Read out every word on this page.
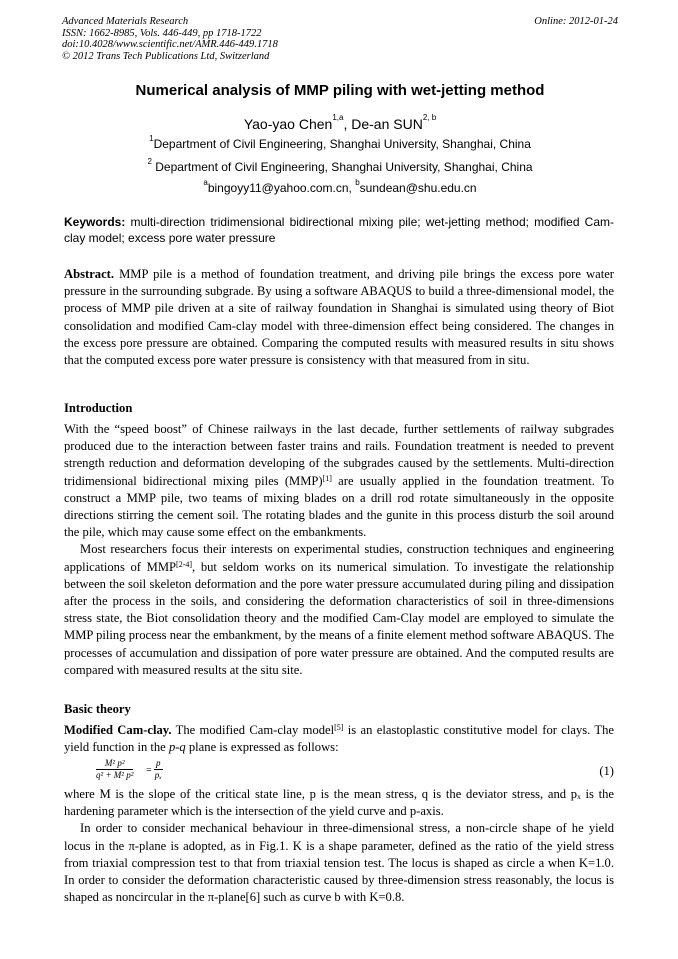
Advanced Materials Research
ISSN: 1662-8985, Vols. 446-449, pp 1718-1722
doi:10.4028/www.scientific.net/AMR.446-449.1718
© 2012 Trans Tech Publications Ltd, Switzerland
Online: 2012-01-24
Numerical analysis of MMP piling with wet-jetting method
Yao-yao Chen$^{1,a}$, De-an SUN$^{2, b}$
$^1$Department of Civil Engineering, Shanghai University, Shanghai, China
$^2$ Department of Civil Engineering, Shanghai University, Shanghai, China
$^a$bingoyy11@yahoo.com.cn, $^b$sundean@shu.edu.cn
Keywords: multi-direction tridimensional bidirectional mixing pile; wet-jetting method; modified Cam-clay model; excess pore water pressure
Abstract. MMP pile is a method of foundation treatment, and driving pile brings the excess pore water pressure in the surrounding subgrade. By using a software ABAQUS to build a three-dimensional model, the process of MMP pile driven at a site of railway foundation in Shanghai is simulated using theory of Biot consolidation and modified Cam-clay model with three-dimension effect being considered. The changes in the excess pore pressure are obtained. Comparing the computed results with measured results in situ shows that the computed excess pore water pressure is consistency with that measured from in situ.
Introduction
With the “speed boost” of Chinese railways in the last decade, further settlements of railway subgrades produced due to the interaction between faster trains and rails. Foundation treatment is needed to prevent strength reduction and deformation developing of the subgrades caused by the settlements. Multi-direction tridimensional bidirectional mixing piles (MMP)[1] are usually applied in the foundation treatment. To construct a MMP pile, two teams of mixing blades on a drill rod rotate simultaneously in the opposite directions stirring the cement soil. The rotating blades and the gunite in this process disturb the soil around the pile, which may cause some effect on the embankments.
Most researchers focus their interests on experimental studies, construction techniques and engineering applications of MMP[2-4], but seldom works on its numerical simulation. To investigate the relationship between the soil skeleton deformation and the pore water pressure accumulated during piling and dissipation after the process in the soils, and considering the deformation characteristics of soil in three-dimensions stress state, the Biot consolidation theory and the modified Cam-Clay model are employed to simulate the MMP piling process near the embankment, by the means of a finite element method software ABAQUS. The processes of accumulation and dissipation of pore water pressure are obtained. And the computed results are compared with measured results at the situ site.
Basic theory
Modified Cam-clay. The modified Cam-clay model[5] is an elastoplastic constitutive model for clays. The yield function in the p-q plane is expressed as follows:
$\frac{\text{M² p²}}{\text{q² + M² p²}} = \frac{p}{\text{pₓ}}$	(1)
where M is the slope of the critical state line, p is the mean stress, q is the deviator stress, and pₓ is the hardening parameter which is the intersection of the yield curve and p-axis.
In order to consider mechanical behaviour in three-dimensional stress, a non-circle shape of he yield locus in the π-plane is adopted, as in Fig.1. K is a shape parameter, defined as the ratio of the yield stress from triaxial compression test to that from triaxial tension test. The locus is shaped as circle a when K=1.0. In order to consider the deformation characteristic caused by three-dimension stress reasonably, the locus is shaped as noncircular in the π-plane[6] such as curve b with K=0.8.
